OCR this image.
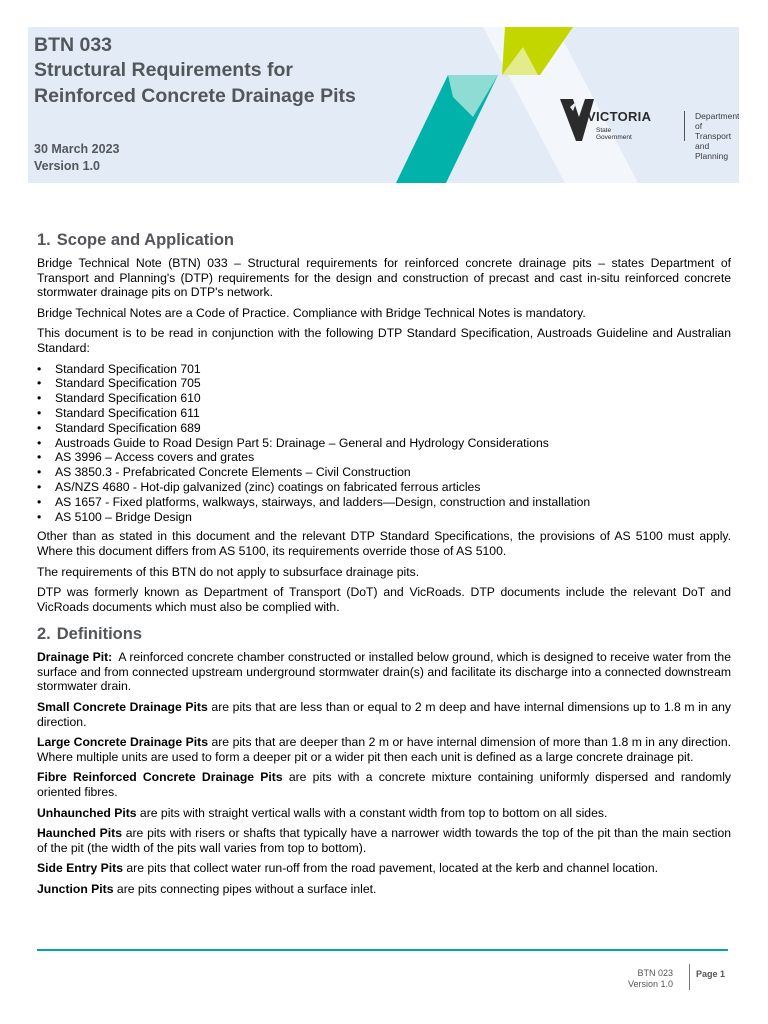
BTN 033
Structural Requirements for
Reinforced Concrete Drainage Pits
30 March 2023
Version 1.0
VICTORIA
State
Government
Department
of Transport
and Planning
1. Scope and Application

Bridge Technical Note (BTN) 033 – Structural requirements for reinforced concrete drainage pits – states Department of Transport and Planning's (DTP) requirements for the design and construction of precast and cast in-situ reinforced concrete stormwater drainage pits on DTP's network.

Bridge Technical Notes are a Code of Practice. Compliance with Bridge Technical Notes is mandatory.

This document is to be read in conjunction with the following DTP Standard Specification, Austroads Guideline and Australian Standard:

• Standard Specification 701
• Standard Specification 705
• Standard Specification 610
• Standard Specification 611
• Standard Specification 689
• Austroads Guide to Road Design Part 5: Drainage – General and Hydrology Considerations
• AS 3996 – Access covers and grates
• AS 3850.3 - Prefabricated Concrete Elements – Civil Construction
• AS/NZS 4680 - Hot-dip galvanized (zinc) coatings on fabricated ferrous articles
• AS 1657 - Fixed platforms, walkways, stairways, and ladders—Design, construction and installation
• AS 5100 – Bridge Design

Other than as stated in this document and the relevant DTP Standard Specifications, the provisions of AS 5100 must apply. Where this document differs from AS 5100, its requirements override those of AS 5100.

The requirements of this BTN do not apply to subsurface drainage pits.

DTP was formerly known as Department of Transport (DoT) and VicRoads. DTP documents include the relevant DoT and VicRoads documents which must also be complied with.

2. Definitions

Drainage Pit:  A reinforced concrete chamber constructed or installed below ground, which is designed to receive water from the surface and from connected upstream underground stormwater drain(s) and facilitate its discharge into a connected downstream stormwater drain.

Small Concrete Drainage Pits are pits that are less than or equal to 2 m deep and have internal dimensions up to 1.8 m in any direction.

Large Concrete Drainage Pits are pits that are deeper than 2 m or have internal dimension of more than 1.8 m in any direction. Where multiple units are used to form a deeper pit or a wider pit then each unit is defined as a large concrete drainage pit.

Fibre Reinforced Concrete Drainage Pits are pits with a concrete mixture containing uniformly dispersed and randomly oriented fibres.

Unhaunched Pits are pits with straight vertical walls with a constant width from top to bottom on all sides.

Haunched Pits are pits with risers or shafts that typically have a narrower width towards the top of the pit than the main section of the pit (the width of the pits wall varies from top to bottom).

Side Entry Pits are pits that collect water run-off from the road pavement, located at the kerb and channel location.

Junction Pits are pits connecting pipes without a surface inlet.

BTN 023
Version 1.0
Page 1
